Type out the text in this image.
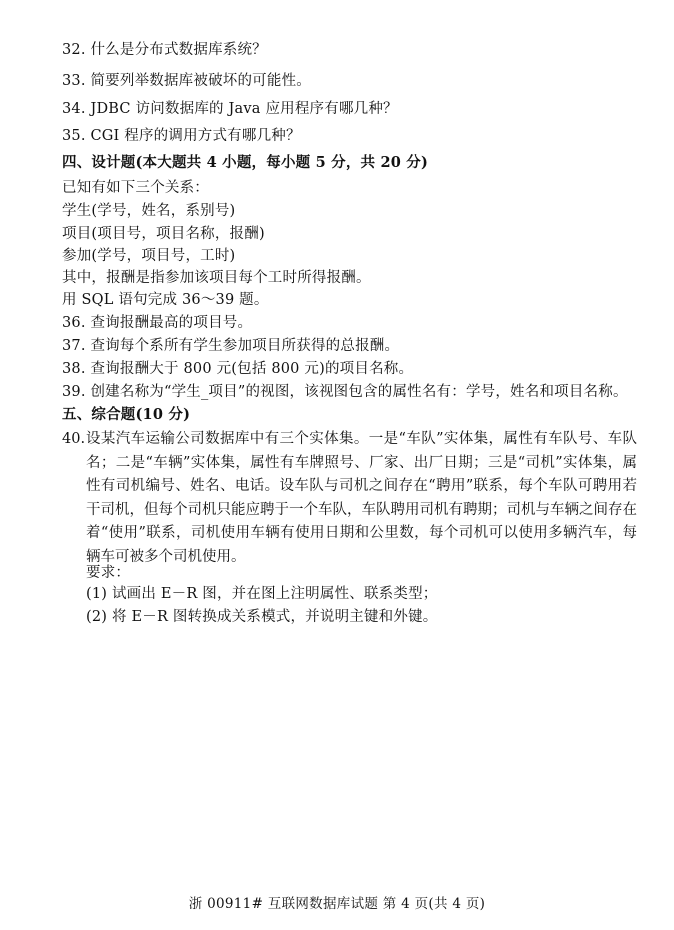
32. 什么是分布式数据库系统？
33. 简要列举数据库被破坏的可能性。
34. JDBC 访问数据库的 Java 应用程序有哪几种？
35. CGI 程序的调用方式有哪几种？
四、设计题(本大题共 4 小题，每小题 5 分，共 20 分)
已知有如下三个关系：
学生(学号，姓名，系别号)
项目(项目号，项目名称，报酬)
参加(学号，项目号，工时)
其中，报酬是指参加该项目每个工时所得报酬。
用 SQL 语句完成 36～39 题。
36. 查询报酬最高的项目号。
37. 查询每个系所有学生参加项目所获得的总报酬。
38. 查询报酬大于 800 元(包括 800 元)的项目名称。
39. 创建名称为“学生_项目”的视图，该视图包含的属性名有：学号，姓名和项目名称。
五、综合题(10 分)
40. 设某汽车运输公司数据库中有三个实体集。一是“车队”实体集，属性有车队号、车队名；二是“车辆”实体集，属性有车牌照号、厂家、出厂日期；三是“司机”实体集，属性有司机编号、姓名、电话。设车队与司机之间存在“聘用”联系，每个车队可聘用若干司机，但每个司机只能应聘于一个车队，车队聘用司机有聘期；司机与车辆之间存在着“使用”联系，司机使用车辆有使用日期和公里数，每个司机可以使用多辆汽车，每辆车可被多个司机使用。
要求：
(1) 试画出 E－R 图，并在图上注明属性、联系类型；
(2) 将 E－R 图转换成关系模式，并说明主键和外键。
浙 00911# 互联网数据库试题 第 4 页(共 4 页)
